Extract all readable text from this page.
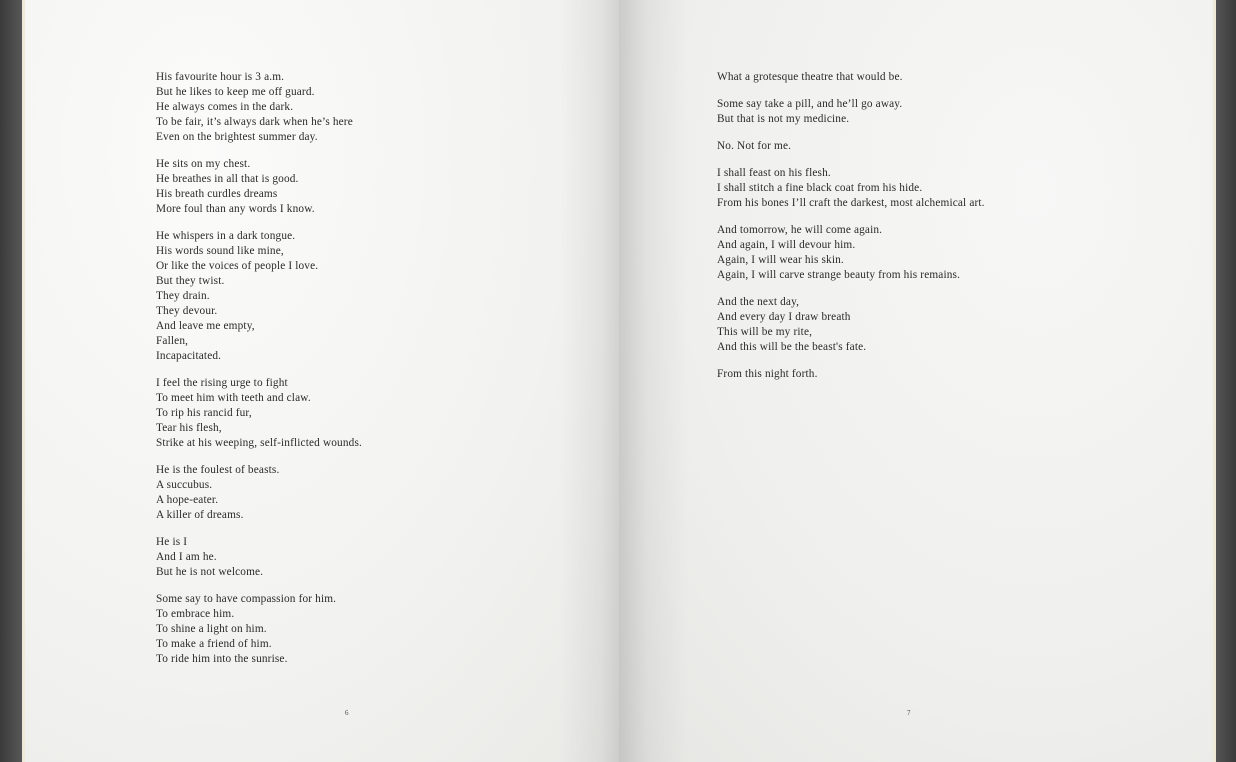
His favourite hour is 3 a.m.
But he likes to keep me off guard.
He always comes in the dark.
To be fair, it’s always dark when he’s here
Even on the brightest summer day.

He sits on my chest.
He breathes in all that is good.
His breath curdles dreams
More foul than any words I know.

He whispers in a dark tongue.
His words sound like mine,
Or like the voices of people I love.
But they twist.
They drain.
They devour.
And leave me empty,
Fallen,
Incapacitated.

I feel the rising urge to fight
To meet him with teeth and claw.
To rip his rancid fur,
Tear his flesh,
Strike at his weeping, self-inflicted wounds.

He is the foulest of beasts.
A succubus.
A hope-eater.
A killer of dreams.

He is I
And I am he.
But he is not welcome.

Some say to have compassion for him.
To embrace him.
To shine a light on him.
To make a friend of him.
To ride him into the sunrise.

6

What a grotesque theatre that would be.

Some say take a pill, and he’ll go away.
But that is not my medicine.

No. Not for me.

I shall feast on his flesh.
I shall stitch a fine black coat from his hide.
From his bones I’ll craft the darkest, most alchemical art.

And tomorrow, he will come again.
And again, I will devour him.
Again, I will wear his skin.
Again, I will carve strange beauty from his remains.

And the next day,
And every day I draw breath
This will be my rite,
And this will be the beast's fate.

From this night forth.

7
